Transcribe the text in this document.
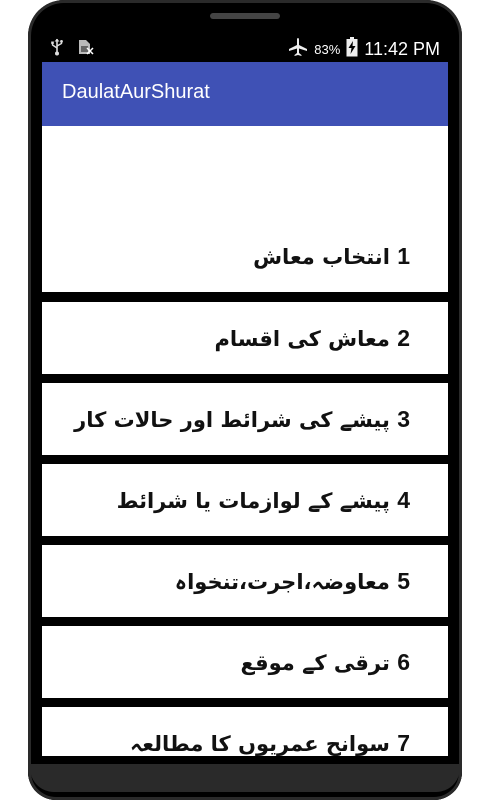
83% 11:42 PM
DaulatAurShurat
1 انتخاب معاش
2 معاش کی اقسام
3 پیشے کی شرائط اور حالات کار
4 پیشے کے لوازمات یا شرائط
5 معاوضہ،اجرت،تنخواہ
6 ترقی کے موقع
7 سوانح عمریوں کا مطالعہ
